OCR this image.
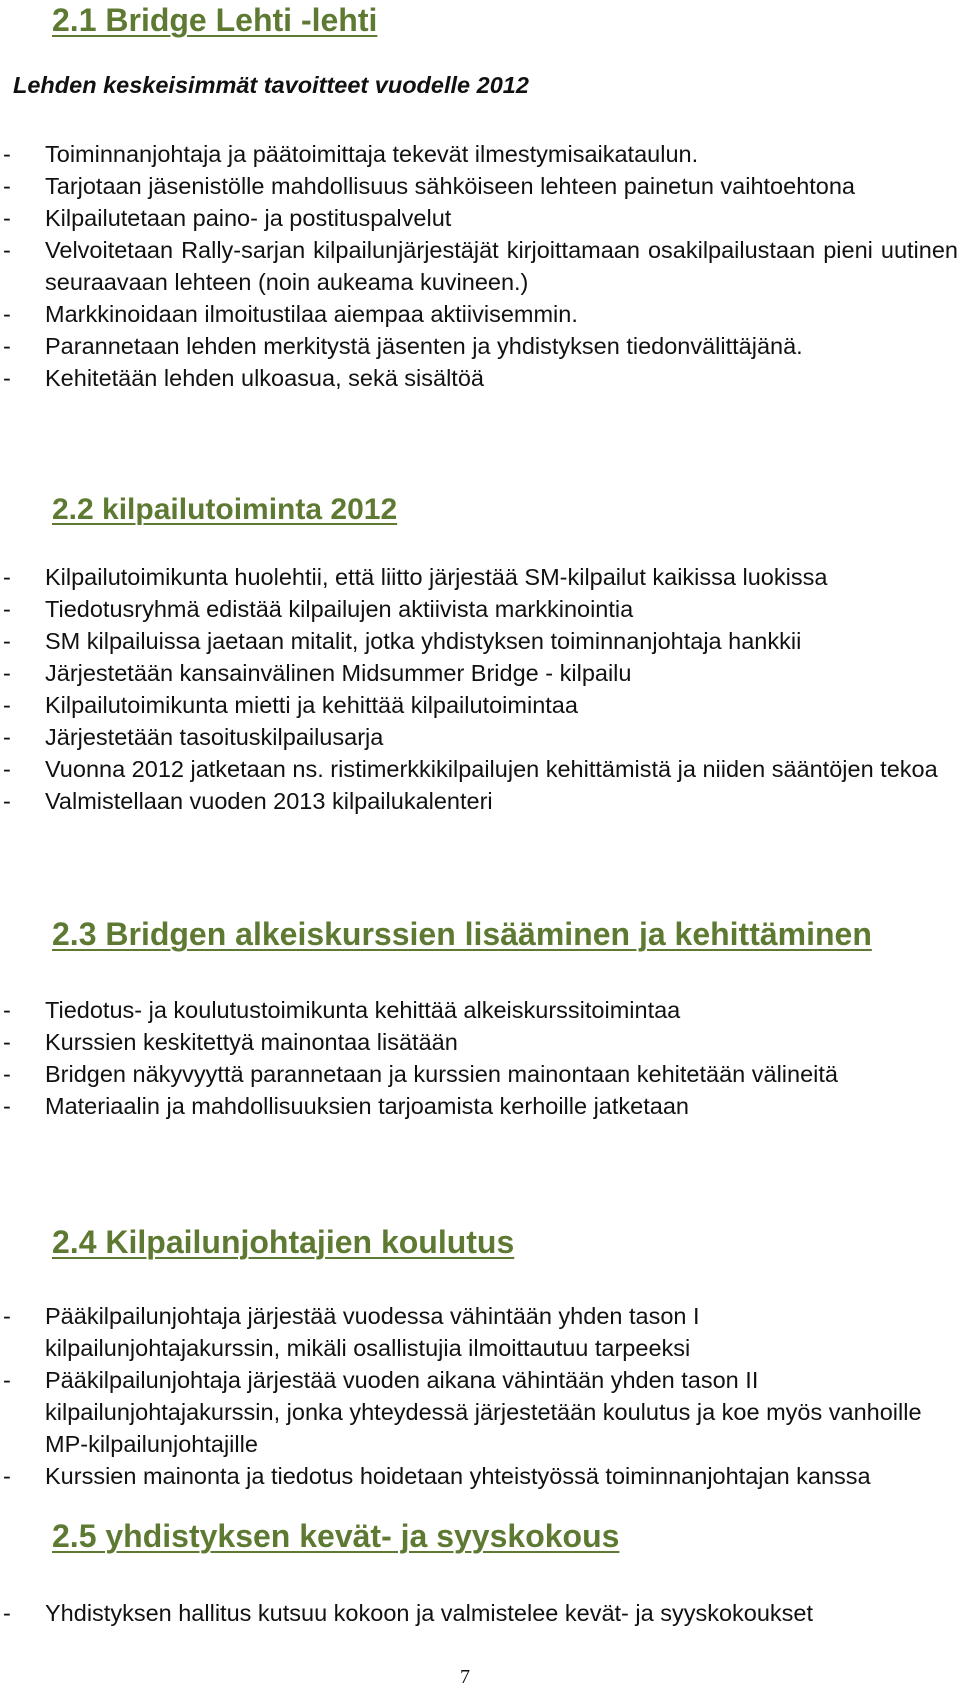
2.1 Bridge Lehti -lehti
Lehden keskeisimmät tavoitteet vuodelle 2012
- Toiminnanjohtaja ja päätoimittaja tekevät ilmestymisaikataulun.
- Tarjotaan jäsenistölle mahdollisuus sähköiseen lehteen painetun vaihtoehtona
- Kilpailutetaan paino- ja postituspalvelut
- Velvoitetaan Rally-sarjan kilpailunjärjestäjät kirjoittamaan osakilpailustaan pieni uutinen seuraavaan lehteen (noin aukeama kuvineen.)
- Markkinoidaan ilmoitustilaa aiempaa aktiivisemmin.
- Parannetaan lehden merkitystä jäsenten ja yhdistyksen tiedonvälittäjänä.
- Kehitetään lehden ulkoasua, sekä sisältöä
2.2 kilpailutoiminta 2012
- Kilpailutoimikunta huolehtii, että liitto järjestää SM-kilpailut kaikissa luokissa
- Tiedotusryhmä edistää kilpailujen aktiivista markkinointia
- SM kilpailuissa jaetaan mitalit, jotka yhdistyksen toiminnanjohtaja hankkii
- Järjestetään kansainvälinen Midsummer Bridge - kilpailu
- Kilpailutoimikunta mietti ja kehittää kilpailutoimintaa
- Järjestetään tasoituskilpailusarja
- Vuonna 2012 jatketaan ns. ristimerkkikilpailujen kehittämistä ja niiden sääntöjen tekoa
- Valmistellaan vuoden 2013 kilpailukalenteri
2.3 Bridgen alkeiskurssien lisääminen ja kehittäminen
- Tiedotus- ja koulutustoimikunta kehittää alkeiskurssitoimintaa
- Kurssien keskitettyä mainontaa lisätään
- Bridgen näkyvyyttä parannetaan ja kurssien mainontaan kehitetään välineitä
- Materiaalin ja mahdollisuuksien tarjoamista kerhoille jatketaan
2.4 Kilpailunjohtajien koulutus
- Pääkilpailunjohtaja järjestää vuodessa vähintään yhden tason I kilpailunjohtajakurssin, mikäli osallistujia ilmoittautuu tarpeeksi
- Pääkilpailunjohtaja järjestää vuoden aikana vähintään yhden tason II kilpailunjohtajakurssin, jonka yhteydessä järjestetään koulutus ja koe myös vanhoille MP-kilpailunjohtajille
- Kurssien mainonta ja tiedotus hoidetaan yhteistyössä toiminnanjohtajan kanssa
2.5 yhdistyksen kevät- ja syyskokous
- Yhdistyksen hallitus kutsuu kokoon ja valmistelee kevät- ja syyskokoukset
7
